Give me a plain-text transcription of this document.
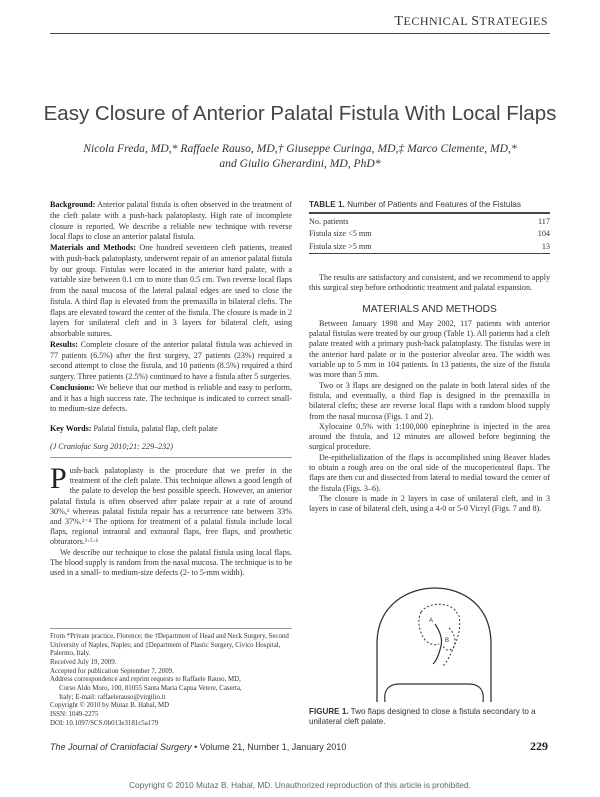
TECHNICAL STRATEGIES
Easy Closure of Anterior Palatal Fistula With Local Flaps
Nicola Freda, MD,* Raffaele Rauso, MD,† Giuseppe Curinga, MD,‡ Marco Clemente, MD,*
and Giulio Gherardini, MD, PhD*

Background: Anterior palatal fistula is often observed in the treatment of the cleft palate with a push-back palatoplasty. High rate of incomplete closure is reported. We describe a reliable new technique with reverse local flaps to close an anterior palatal fistula.

Materials and Methods: One hundred seventeen cleft patients, treated with push-back palatoplasty, underwent repair of an anterior palatal fistula by our group. Fistulas were located in the anterior hard palate, with a variable size between 0.1 cm to more than 0.5 cm. Two reverse local flaps from the nasal mucosa of the lateral palatal edges are used to close the fistula. A third flap is elevated from the premaxilla in bilateral clefts. The flaps are elevated toward the center of the fistula. The closure is made in 2 layers for unilateral cleft and in 3 layers for bilateral cleft, using absorbable sutures.

Results: Complete closure of the anterior palatal fistula was achieved in 77 patients (6.5%) after the first surgery, 27 patients (23%) required a second attempt to close the fistula, and 10 patients (8.5%) required a third surgery. Three patients (2.5%) continued to have a fistula after 5 surgeries.

Conclusions: We believe that our method is reliable and easy to perform, and it has a high success rate. The technique is indicated to correct small- to medium-size defects.

Key Words: Palatal fistula, palatal flap, cleft palate

(J Craniofac Surg 2010;21: 229–232)

Push-back palatoplasty is the procedure that we prefer in the treatment of the cleft palate. This technique allows a good length of the palate to develop the best possible speech. However, an anterior palatal fistula is often observed after palate repair at a rate of around 30%,¹ whereas palatal fistula repair has a recurrence rate between 33% and 37%.²⁻⁴ The options for treatment of a palatal fistula include local flaps, regional intraoral and extraoral flaps, free flaps, and prosthetic obturators.¹·⁵·⁶

We describe our technique to close the palatal fistula using local flaps. The blood supply is random from the nasal mucosa. The technique is to be used in a small- to medium-size defects (2- to 5-mm width).

From *Private practice, Florence; the †Department of Head and Neck Surgery, Second University of Naples, Naples; and ‡Department of Plastic Surgery, Civico Hospital, Palermo, Italy.
Received July 19, 2009.
Accepted for publication September 7, 2009.
Address correspondence and reprint requests to Raffaele Rauso, MD,
Corso Aldo Moro, 100, 81055 Santa Maria Capua Vetere, Caserta,
Italy; E-mail: raffaelerauso@virgilio.it
Copyright © 2010 by Mutaz B. Habal, MD
ISSN: 1049-2275
DOI: 10.1097/SCS.0b013e3181c5a179
TABLE 1. Number of Patients and Features of the Fistulas
No. patients	117
Fistula size <5 mm	104
Fistula size >5 mm	13

The results are satisfactory and consistent, and we recommend to apply this surgical step before orthodontic treatment and palatal expansion.

MATERIALS AND METHODS

Between January 1998 and May 2002, 117 patients with anterior palatal fistulas were treated by our group (Table 1). All patients had a cleft palate treated with a primary push-back palatoplasty. The fistulas were in the anterior hard palate or in the posterior alveolar area. The width was variable up to 5 mm in 104 patients. In 13 patients, the size of the fistula was more than 5 mm.

Two or 3 flaps are designed on the palate in both lateral sides of the fistula, and eventually, a third flap is designed in the premaxilla in bilateral clefts; these are reverse local flaps with a random blood supply from the nasal mucosa (Figs. 1 and 2).

Xylocaine 0.5% with 1:100,000 epinephrine is injected in the area around the fistula, and 12 minutes are allowed before beginning the surgical procedure.

De-epithelialization of the flaps is accomplished using Beaver blades to obtain a rough area on the oral side of the mucoperiosteal flaps. The flaps are then cut and dissected from lateral to medial toward the center of the fistula (Figs. 3–6).

The closure is made in 2 layers in case of unilateral cleft, and in 3 layers in case of bilateral cleft, using a 4-0 or 5-0 Vicryl (Figs. 7 and 8).

A
B
FIGURE 1. Two flaps designed to close a fistula secondary to a unilateral cleft palate.
The Journal of Craniofacial Surgery • Volume 21, Number 1, January 2010	229
Copyright © 2010 Mutaz B. Habal, MD. Unauthorized reproduction of this article is prohibited.
